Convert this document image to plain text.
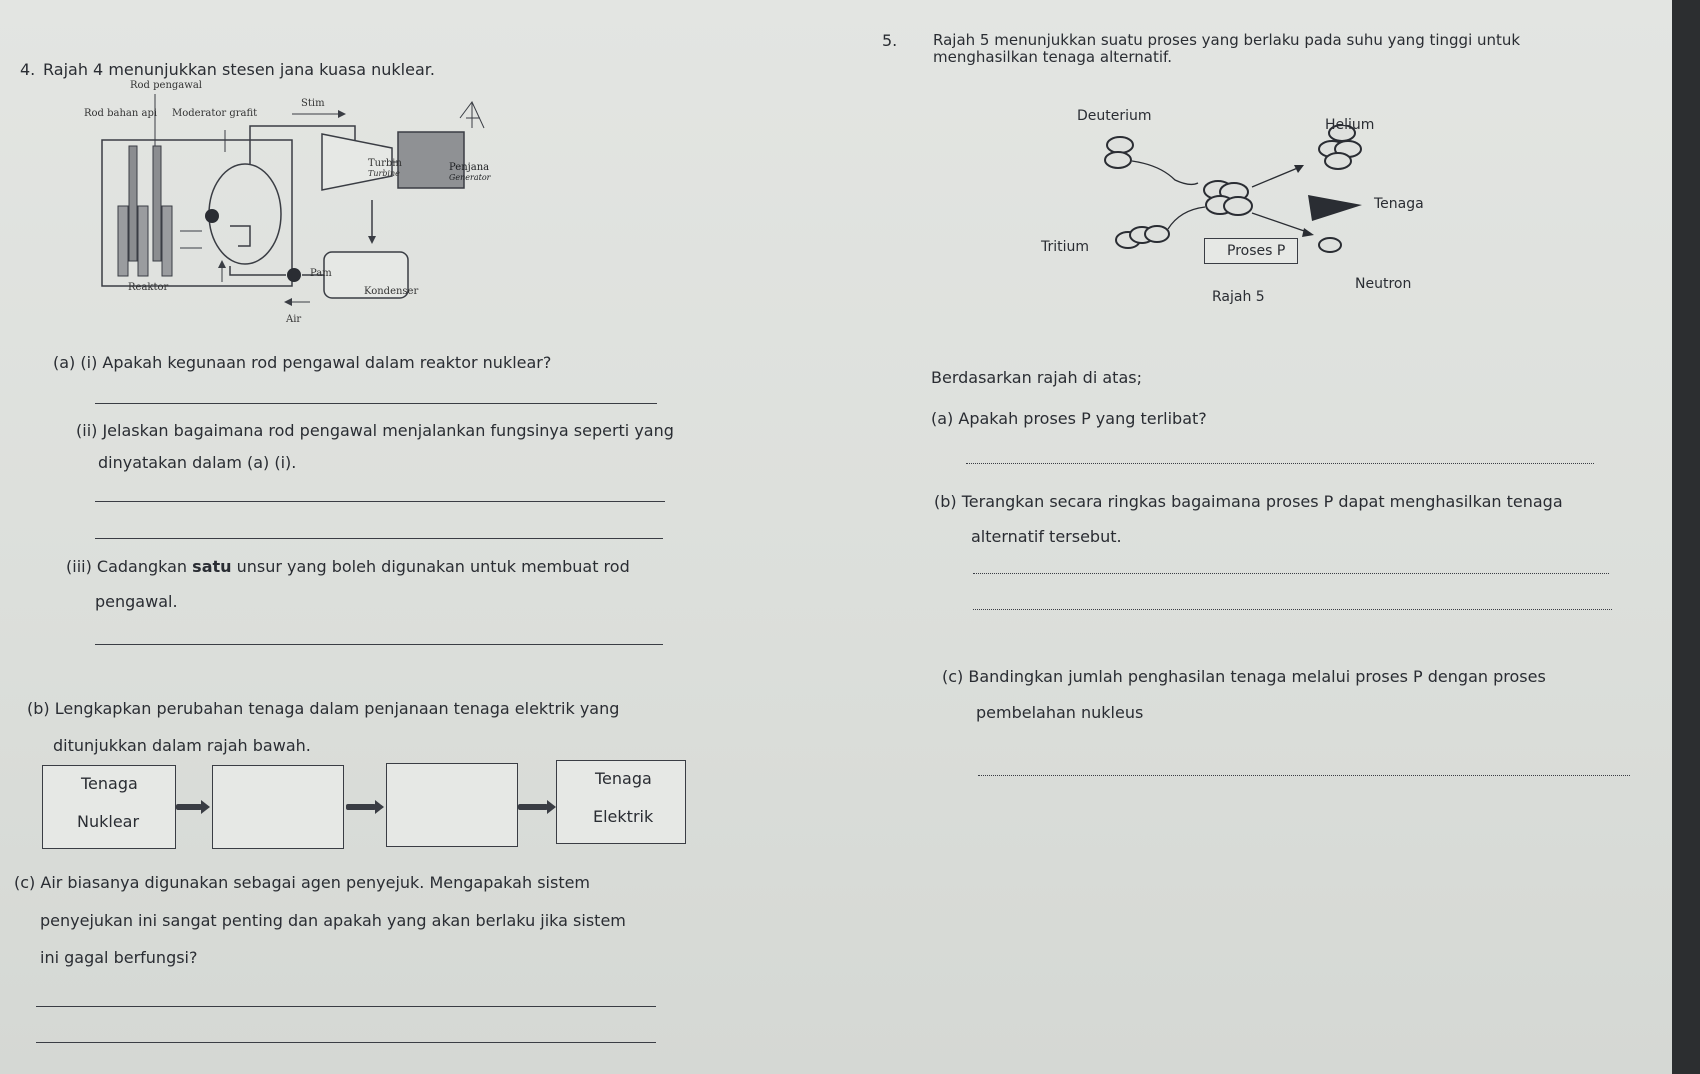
4. Rajah 4 menunjukkan stesen jana kuasa nuklear.
Rod pengawal
Rod bahan api Moderator grafit
Stim
Turbin
Turbine
Penjana
Generator
Reaktor
Pam
Kondenser
Air
(a) (i) Apakah kegunaan rod pengawal dalam reaktor nuklear?
(ii) Jelaskan bagaimana rod pengawal menjalankan fungsinya seperti yang
dinyatakan dalam (a) (i).
(iii) Cadangkan satu unsur yang boleh digunakan untuk membuat rod
pengawal.
(b) Lengkapkan perubahan tenaga dalam penjanaan tenaga elektrik yang
ditunjukkan dalam rajah bawah.
Tenaga
Nuklear
Tenaga
Elektrik
(c) Air biasanya digunakan sebagai agen penyejuk. Mengapakah sistem
penyejukan ini sangat penting dan apakah yang akan berlaku jika sistem
ini gagal berfungsi?
5. Rajah 5 menunjukkan suatu proses yang berlaku pada suhu yang tinggi untuk
menghasilkan tenaga alternatif.
Deuterium
Helium
Tenaga
Tritium	Proses P
Neutron
Rajah 5
Berdasarkan rajah di atas;
(a) Apakah proses P yang terlibat?
(b) Terangkan secara ringkas bagaimana proses P dapat menghasilkan tenaga
alternatif tersebut.
(c) Bandingkan jumlah penghasilan tenaga melalui proses P dengan proses
pembelahan nukleus
